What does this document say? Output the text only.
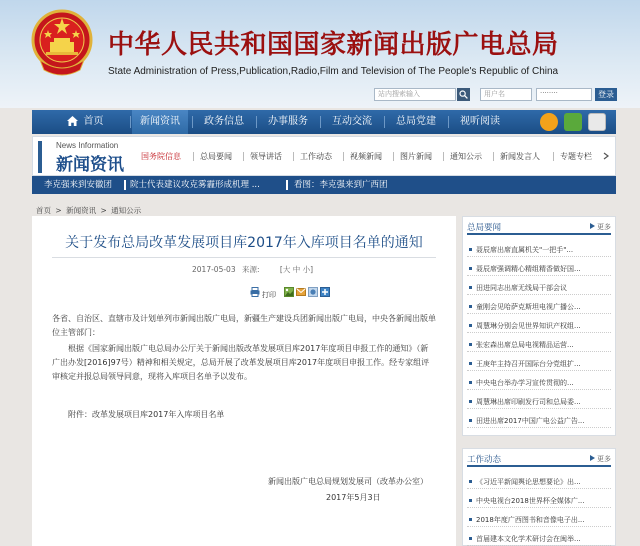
中华人民共和国国家新闻出版广电总局
State Administration of Press,Publication,Radio,Film and Television of The People's Republic of China
站内搜索输入	用户名	········	登录
首页	新闻资讯	政务信息	办事服务	互动交流	总局党建	视听阅读
News Information
新闻资讯 国务院信息 总局要闻 领导讲话 工作动态 视频新闻 图片新闻 通知公示 新闻发言人	专题专栏
李克强来到安徽团 院士代表建议攻克雾霾形成机理 ...	看图：李克强来到广西团
首页 > 新闻资讯 > 通知公示
关于发布总局改革发展项目库2017年入库项目名单的通知
2017-05-03 来源:	[大 中 小]
打印
各省、自治区、直辖市及计划单列市新闻出版广电局，新疆生产建设兵团新闻出版广电局，中央各新闻出版单位主管部门：
根据《国家新闻出版广电总局办公厅关于新闻出版改革发展项目库2017年度项目申报工作的通知》（新广出办发[2016]97号）精神和相关规定，总局开展了改革发展项目库2017年度项目申报工作。经专家组评审核定并报总局领导同意，现将入库项目名单予以发布。
附件：改革发展项目库2017年入库项目名单
新闻出版广电总局规划发展司（改革办公室）
2017年5月3日
总局要闻	更多
聂辰席出席直属机关"一把手"...
聂辰席强调精心精组精香做好国...
田进同志出席无线局干部会议
童刚会见哈萨克斯坦电视广播公...
周慧琳分别会见世界知识产权组...
张宏森出席总局电视精品运营...
王庚年主持召开国际台分党组扩...
中央电台举办学习宣传贯彻的...
周慧琳出席印刷发行司和总局委...
田进出席2017中国广电公益广告...
工作动态	更多
《习近平新闻舆论思想要论》出...
中央电视台2018世界杯全媒体广...
2018年度广西图书和音像电子出...
首届建本文化学术研讨会在闽举...
